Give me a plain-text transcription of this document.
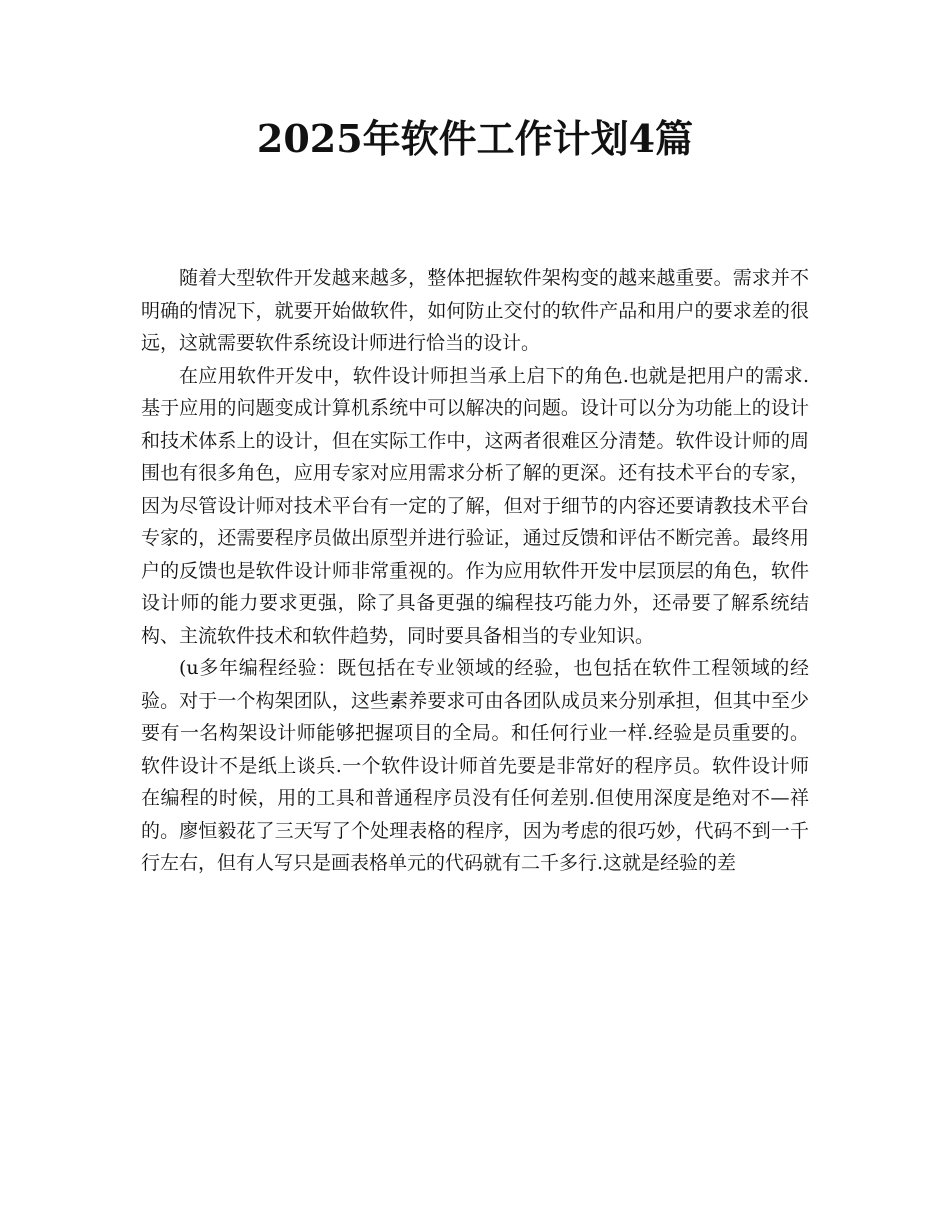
2025年软件工作计划4篇

随着大型软件开发越来越多，整体把握软件架构变的越来越重要。需求并不明确的情况下，就要开始做软件，如何防止交付的软件产品和用户的要求差的很远，这就需要软件系统设计师进行恰当的设计。

在应用软件开发中，软件设计师担当承上启下的角色.也就是把用户的需求.基于应用的问题变成计算机系统中可以解决的问题。设计可以分为功能上的设计和技术体系上的设计，但在实际工作中，这两者很难区分清楚。软件设计师的周围也有很多角色，应用专家对应用需求分析了解的更深。还有技术平台的专家，因为尽管设计师对技术平台有一定的了解，但对于细节的内容还要请教技术平台专家的，还需要程序员做出原型并进行验证，通过反馈和评估不断完善。最终用户的反馈也是软件设计师非常重视的。作为应用软件开发中层顶层的角色，软件设计师的能力要求更强，除了具备更强的编程技巧能力外，还帚要了解系统结构、主流软件技术和软件趋势，同时要具备相当的专业知识。

(u多年编程经验：既包括在专业领域的经验，也包括在软件工程领域的经验。对于一个构架团队，这些素养要求可由各团队成员来分别承担，但其中至少要有一名构架设计师能够把握项目的全局。和任何行业一样.经验是员重要的。软件设计不是纸上谈兵.一个软件设计师首先要是非常好的程序员。软件设计师在编程的时候，用的工具和普通程序员没有任何差别.但使用深度是绝对不—祥的。廖恒毅花了三天写了个处理表格的程序，因为考虑的很巧妙，代码不到一千行左右，但有人写只是画表格单元的代码就有二千多行.这就是经验的差
